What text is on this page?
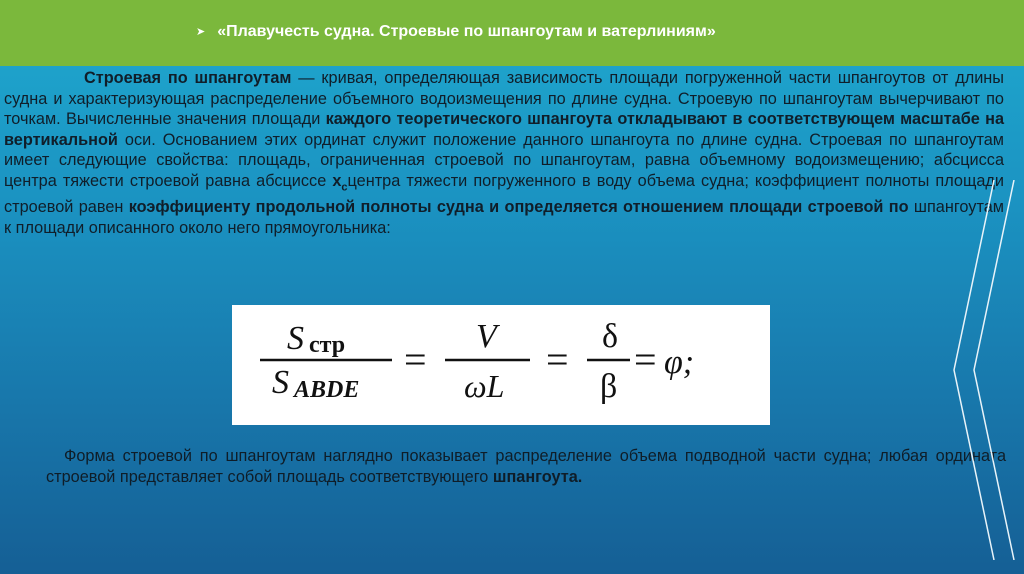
➤ «Плавучесть судна. Строевые по шпангоутам и ватерлиниям»

Строевая по шпангоутам — кривая, определяющая зависимость площади погруженной части шпангоутов от длины судна и характеризующая распределение объемного водоизмещения по длине судна. Строевую по шпангоутам вычерчивают по точкам. Вычисленные значения площади каждого теоретического шпангоута откладывают в соответствующем масштабе на вертикальной оси. Основанием этих ординат служит положение данного шпангоута по длине судна. Строевая по шпангоутам имеет следующие свойства: площадь, ограниченная строевой по шпангоутам, равна объемному водоизмещению; абсцисса центра тяжести строевой равна абсциссе $x_cцентра$ тяжести погруженного в воду объема судна; коэффициент полноты площади строевой равен коэффициенту продольной полноты судна и определяется отношением площади строевой по шпангоутам к площади описанного около него прямоугольника:

S стр
S ABDE
=
V
ωL
=
δ
β
= φ;

Форма строевой по шпангоутам наглядно показывает распределение объема подводной части судна; любая ордината строевой представляет собой площадь соответствующего шпангоута.
